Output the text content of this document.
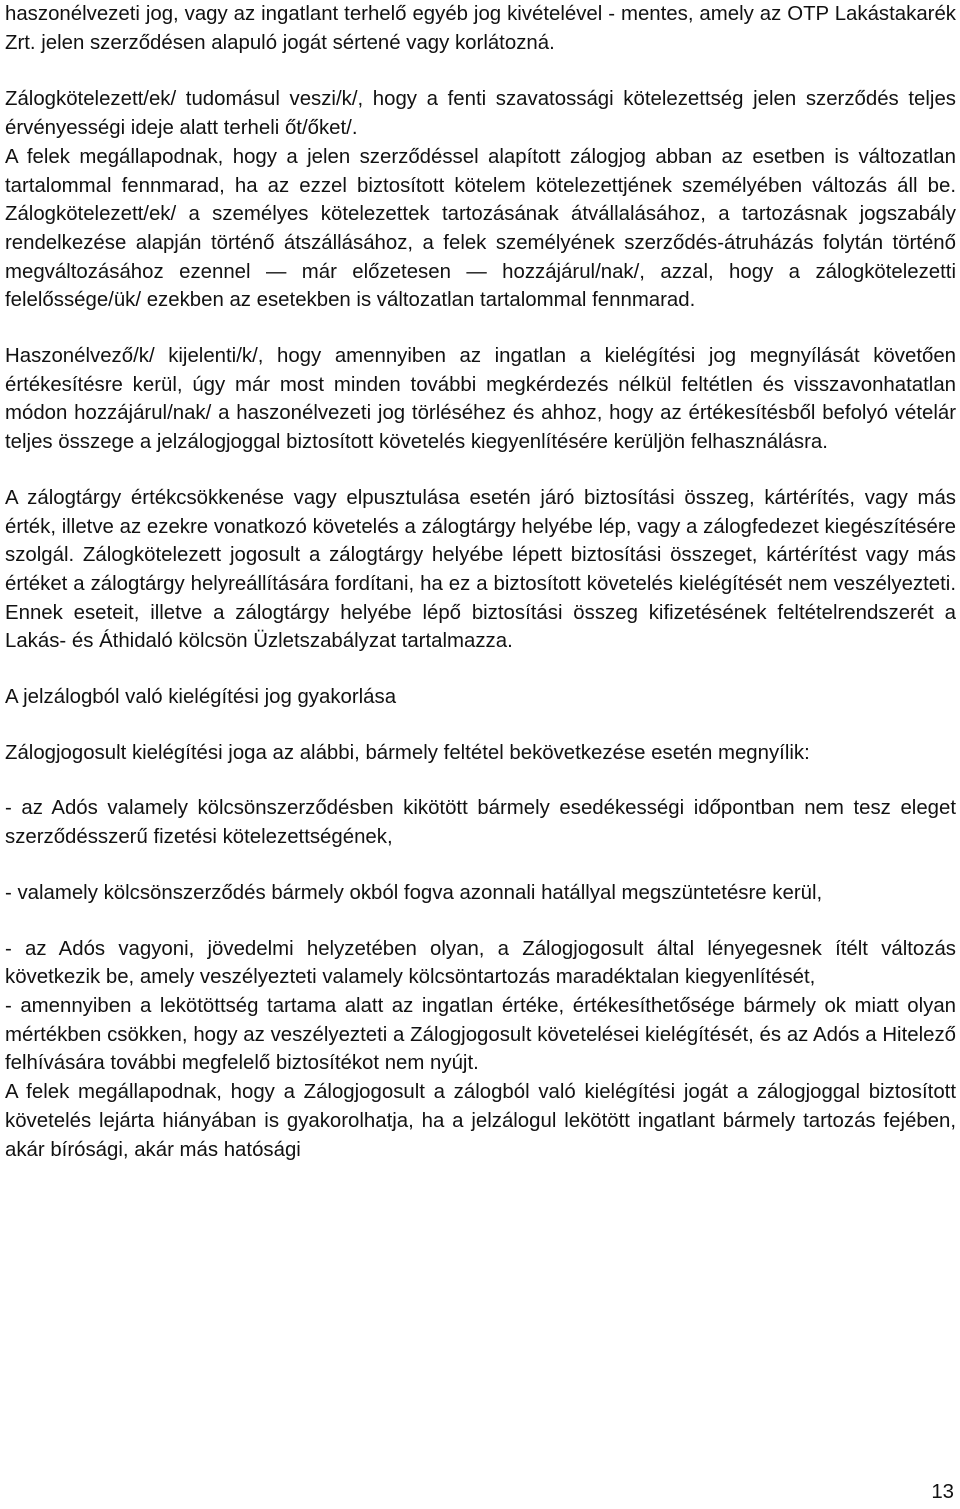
haszonélvezeti jog, vagy az ingatlant terhelő egyéb jog kivételével - mentes, amely az OTP Lakástakarék Zrt. jelen szerződésen alapuló jogát sértené vagy korlátozná.

Zálogkötelezett/ek/ tudomásul veszi/k/, hogy a fenti szavatossági kötelezettség jelen szerződés teljes érvényességi ideje alatt terheli őt/őket/.

A felek megállapodnak, hogy a jelen szerződéssel alapított zálogjog abban az esetben is változatlan tartalommal fennmarad, ha az ezzel biztosított kötelem kötelezettjének személyében változás áll be. Zálogkötelezett/ek/ a személyes kötelezettek tartozásának átvállalásához, a tartozásnak jogszabály rendelkezése alapján történő átszállásához, a felek személyének szerződés-átruházás folytán történő megváltozásához ezennel — már előzetesen — hozzájárul/nak/, azzal, hogy a zálogkötelezetti felelőssége/ük/ ezekben az esetekben is változatlan tartalommal fennmarad.

Haszonélvező/k/ kijelenti/k/, hogy amennyiben az ingatlan a kielégítési jog megnyílását követően értékesítésre kerül, úgy már most minden további megkérdezés nélkül feltétlen és visszavonhatatlan módon hozzájárul/nak/ a haszonélvezeti jog törléséhez és ahhoz, hogy az értékesítésből befolyó vételár teljes összege a jelzálogjoggal biztosított követelés kiegyenlítésére kerüljön felhasználásra.

A zálogtárgy értékcsökkenése vagy elpusztulása esetén járó biztosítási összeg, kártérítés, vagy más érték, illetve az ezekre vonatkozó követelés a zálogtárgy helyébe lép, vagy a zálogfedezet kiegészítésére szolgál. Zálogkötelezett jogosult a zálogtárgy helyébe lépett biztosítási összeget, kártérítést vagy más értéket a zálogtárgy helyreállítására fordítani, ha ez a biztosított követelés kielégítését nem veszélyezteti. Ennek eseteit, illetve a zálogtárgy helyébe lépő biztosítási összeg kifizetésének feltételrendszerét a Lakás- és Áthidaló kölcsön Üzletszabályzat tartalmazza.

A jelzálogból való kielégítési jog gyakorlása

Zálogjogosult kielégítési joga az alábbi, bármely feltétel bekövetkezése esetén megnyílik:

- az Adós valamely kölcsönszerződésben kikötött bármely esedékességi időpontban nem tesz eleget szerződésszerű fizetési kötelezettségének,

- valamely kölcsönszerződés bármely okból fogva azonnali hatállyal megszüntetésre kerül,

- az Adós vagyoni, jövedelmi helyzetében olyan, a Zálogjogosult által lényegesnek ítélt változás következik be, amely veszélyezteti valamely kölcsöntartozás maradéktalan kiegyenlítését,

- amennyiben a lekötöttség tartama alatt az ingatlan értéke, értékesíthetősége bármely ok miatt olyan mértékben csökken, hogy az veszélyezteti a Zálogjogosult követelései kielégítését, és az Adós a Hitelező felhívására további megfelelő biztosítékot nem nyújt.

A felek megállapodnak, hogy a Zálogjogosult a zálogból való kielégítési jogát a zálogjoggal biztosított követelés lejárta hiányában is gyakorolhatja, ha a jelzálogul lekötött ingatlant bármely tartozás fejében, akár bírósági, akár más hatósági

13
